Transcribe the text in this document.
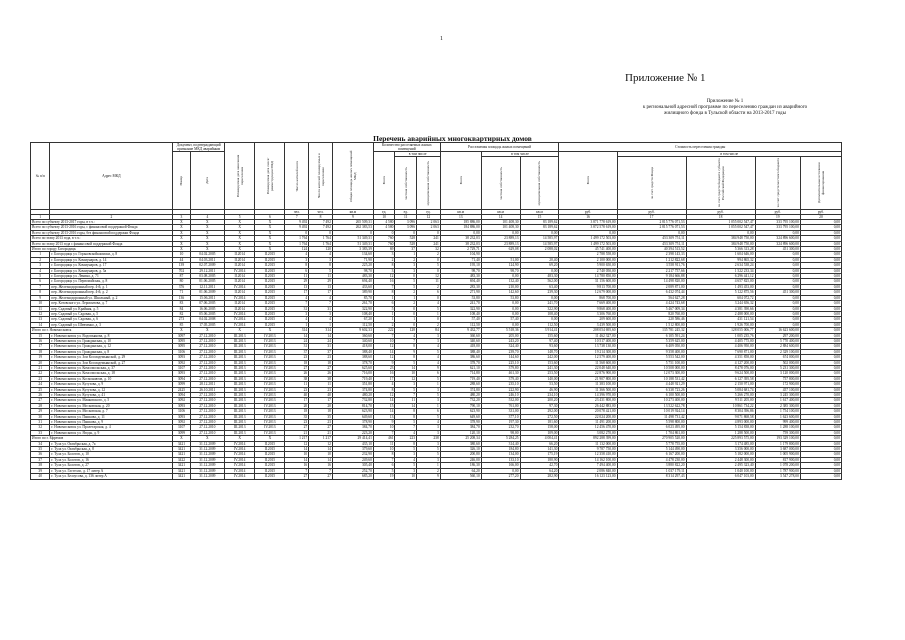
1
Приложение № 1
Приложение № 1
к региональной адресной программе по переселению граждан из аварийного
жилищного фонда в Тульской области на 2013-2017 годы
Перечень аварийных многоквартирных домов
№ п/п	Адрес МКД	Документ, подтверждающий признание МКД аварийным		Планируемая дата окончания переселения	Планируемая дата сноса/ реконструкции МКД	Число жителей всего	Число жителей планируемых к переселению	Общая площадь жилых помещений МКД	Количество расселяемых жилых помещений			Расселяемая площадь жилых помещений			Стоимость переселения граждан				

		Номер	Дата						Всего	в том числе		Всего	в том числе		Всего	в том числе			

										частная собственность	муниципальная собственность		частная собственность	муниципальная собственность		за счет средств Фонда	за счет средств бюджета субъекта Российской Федерации	за счет средств местного бюджета	Дополнительные источники финансирования

						чел.	чел.	кв.м	ед.	ед.	ед.	кв.м	кв.м	кв.м	руб.	руб.	руб.	руб.	руб.
1	2	3	4	5	6	7	8	9	10	11	12	13	14	15	16	17	18	19	20
Всего по субъекту 2013-2017 годы, в т.ч.:		X	X	X	X	9 492	7 492	265 509,31	4 580	3 096	2 063	185 886,00	101 408,30	83 189,62	3 871 778 619,00	2 815 776 071,53	1 055 002 547,47	333 795 100,00	0,00
Всего по субъекту 2013-2016 годы, с финансовой поддержкой Фонда		X	X	X	X	9 492	7 492	262 383,53	4 580	3 096	2 063	184 886,00	101 408,30	83 189,62	3 872 578 619,00	2 815 776 071,53	1 055 002 547,47	333 795 100,00	0,00
Всего по субъекту 2013-2016 годы, без финансовой поддержки Фонда		X	X	X	X	0	0	0	0	0	0	0,00	0,00	0,00	0,00	0,00	0,00	0,00	0,00
Всего по этапу 2013 года, в т.ч.:		X	X	X	X	1 764	1 764	51 349,31	760	528	241	38 232,03	23 889,13	14 585,97	1 499 172 503,00	453 309 751,11	384 948 750,00	324 896 600,00	0,00
Всего по этапу 2013 года с финансовой поддержкой Фонда		X	X	X	X	1 764	1 764	51 349,31	760	528	241	38 232,03	23 889,13	14 585,97	1 499 172 503,00	453 309 751,11	384 948 750,00	324 896 600,00	0,00
Итого по городу Богородицк		X	X	X	X	124	120	3 383,39	69	37	32	2 729,71	629,08	2 088,02	45 741 400,00	40 394 513,52	5 366 313,28	451 300,00	0,00
1	г. Богородицк ул. Горьковскойкамиски, д. 8	10	04.02.2005	II.2014	II.2015	4	4	134,60	3	1	2	104,90			2 788 558,00	2 398 143,33	1 604 646,00	0,00	0,00
2	г. Богородицк ул. Коммунаров, д. 14	44	04.03.2011	II.2014	II.2015	3	3	71,90	2	2	0	71,40	51,00	20,40	2 100 000,00	1 212 822,68	994 865,32	0,00	0,00
3	г. Богородицк ул. Коммунаров, д. 17	139	02.07.2009	II.2014	II.2015	8	8	225,20	8	3	5	195,10	124,90	69,20	5 900 650,00	3 558 911,76	2 634 538,24	0,00	0,00
4	г. Богородицк ул. Коммунаров, д. 5а	702	29.12.2011	IV.2014	II.2015	6	5	98,70	3	3	0	98,70	98,70	0,00	2 740 050,00	2 217 757,66	1 522 233,34	0,00	0,00
5	г. Богородицк ул. Ленина, д. 71	87	03.08.2005	II.2014	II.2015	11	11	483,30	12	0	12	483,30	0,00	483,30	14 780 850,00	9 184 666,88	6 296 441,12	0,00	0,00
6	г. Богородицк ул. Первомайская, д. 8	80	01.06.2005	II.2014	II.2015	29	29	694,40	16	5	11	694,40	132,40	562,00	31 156 600,00	14 498 820,00	4 657 825,00	0,00	0,00
7	пер. Железнодорожный пер. 4-й, д. 1	376	12.11.2011	IV.2014	II.2015	13	13	433,60	7	5	2	283,30	210,00	63,40	9 813 700,00	2 089 871,00	1 493 453,00	0,00	0,00
8	пер. Железнодорожный пер. 4-й, д. 2	71	01.06.2009	II.2014	II.2015	17	17	389,90	8	2	6	271,90	142,60	239,30	12 679 000,00	6 432 074,44	5 122 875,56	451 300,00	0,00
9	пер. Железнодорожный ул. Школьный, д. 2	136	15.06.2011	IV.2014	II.2015	4	4	85,70	1	1	0	53,80	53,80	0,00	868 700,00	564 627,28	604 072,72	0,00	0,00
10	пер. Котовского ул. Лермонтова, д. 7	83	07.06.2005	II.2014	II.2015	7	7	261,70	6	2	4	241,70	0,00	241,70	7 669 400,00	4 424 743,68	3 244 656,32	0,00	0,00
11	пер. Садовый ул. Крайняя, д. 5	84	16.06.2005	II.2014	II.2015	31	31	322,90	5	0	5	322,90	0,00	322,90	9 868 400,00	5 467 009,34	4 381 390,66	0,00	0,00
12	пер. Садовый ул. Садовая, д. 5	82	05.06.2005	IV.2014	II.2015	3	3	108,40	1	0	1	108,40	0,00	108,40	3 306 760,00	820 760,00	2 488 000,00	0,00	0,00
13	пер. Садовый ул. Садовая, д. 6	273	04.02.2008	IV.2014	II.2015	4	4	67,20	1	1	0	57,40	57,40	0,00	209 600,00	220 586,46	431 121,54	0,00	0,00
14	пер. Садовый ул. Шевченко, д. 3	85	17.05.2005	IV.2014	II.2015	1	1	112,50	2	0	2	112,50	0,00	112,50	3 439 500,00	1 512 800,00	1 926 700,00	0,00	0,00
Итого по г. Новомосковск		X	X	X	X	314	314	9 602,33	222	128	84	9 432,77	5 518,36	3 914,41	208 054 695,60	135 781 245,32	128 055 006,77	16 623 600,00	0,00
15	г. Новомосковск ул. Водопьянова, д. 8	3097	27.12.2010	III.2013	IV.2013	14	14	360,60	7	4	3	360,60	205,00	155,60	11 462 327,00	6 105 591,24	1 005 235,76	297 200,00	0,00
16	г. Новомосковск ул. Гражданская, д. 10	3095	27.12.2010	III.2013	IV.2013	24	24	340,60	10	7	3	340,60	243,20	97,40	10 517 400,00	5 359 625,00	4 405 775,00	5 770 400,00	0,00
17	г. Новомосковск ул. Гражданская, д. 12	3095	27.12.2010	III.2013	IV.2013	31	31	418,00	12	8	4	418,00	324,40	93,60	13 738 130,00	6 409 050,00	4 406 950,00	2 884 600,00	0,00
18	г. Новомосковск ул. Гражданская, д. 8	3106	27.12.2010	III.2013	IV.2013	37	37	388,40	14	9	5	388,40	239,70	148,70	19 214 300,00	9 358 400,00	7 690 871,00	2 329 100,00	0,00
19	г. Новомосковск ул. Зои Космодемьянской, д. 29	3093	27.12.2010	III.2013	IV.2013	23	23	388,60	12	8	4	386,60	144,60	242,00	12 579 400,00	5 553 542,00	4 351 858,00	674 000,00	0,00
20	г. Новомосковск ул. Зои Космодемьянской, д. 27	3092	27.12.2010	III.2013	IV.2013	18	18	378,70	9	5	4	378,70	225,10	153,60	11 568 600,00	5 751 100,00	4 127 200,00	502 000,00	0,00
21	г. Новомосковск ул. Комсомольская, д. 37	3107	27.12.2010	III.2013	IV.2013	27	27	625,60	23	14	9	621,10	379,80	241,30	22 048 640,00	10 508 000,00	8 478 076,00	5 231 300,00	0,00
22	г. Новомосковск ул. Комсомольская, д. 18	3093	27.12.2010	III.2013	IV.2013	26	26	716,00	16	10	6	714,80	461,30	253,50	22 876 900,00	12 073 300,00	9 624 500,00	3 120 000,00	0,00
23	г. Новомосковск ул. Космонавтов, д. 10	3094	27.12.2010	III.2013	IV.2013	38	38	719,40	17	12	5	719,40	379,40	140,00	21 907 800,00	10 188 531,42	6 127 395,58	757 800,00	0,00
24	г. Новомосковск ул. Кутузова, д. 9	3099	28.12.2011	III.2013	IV.2013	11	11	351,80	4	3	1	288,60	235,10	53,50	11 383 100,00	4 448 921,29	2 150 971,00	172 900,00	0,00
25	г. Новомосковск ул. Кутузова, д. 12	2425	26.10.2011	III.2013	IV.2013	23	23	374,80	8	5	3	374,80	222,90	46,90	11 366 500,00	6 338 723,26	5 084 681,74	457 100,00	0,00
26	г. Новомосковск ул. Кутузова, д. 41	3094	27.12.2010	III.2013	IV.2013	40	40	480,20	12	7	5	480,20	246,10	234,10	14 396 970,00	6 100 500,00	5 266 270,00	3 245 300,00	0,00
27	г. Новомосковск ул. Маяковского, д. 5	3092	27.12.2010	III.2013	IV.2013	17	17	732,80	14	11	3	732,20	532,00	200,20	23 431 800,00	10 273 400,00	9 511 205,00	1 617 400,00	0,00
28	г. Новомосковск ул. Московская, д. 20	3093	27.12.2010	III.2013	IV.2013	20	20	814,70	15	14	1	790,10	761,00	97,30	26 442 883,00	13 522 622,78	10 861 734,22	2 385 300,00	0,00
29	г. Новомосковск ул. Московская, д. 7	3106	27.12.2010	III.2013	IV.2013	18	18	623,90	14	8	6	623,90	331,00	292,00	20 078 421,00	10 019 924,14	8 304 396,86	1 754 100,00	0,00
30	г. Новомосковск ул. Пашкова, д. 11	3093	27.12.2010	III.2013	IV.2013	35	35	649,60	13	8	5	649,60	377,10	272,50	22 024 200,00	11 498 731,42	9 071 868,58	1 623 600,00	0,00
31	г. Новомосковск ул. Пашкова, д. 9	3092	27.12.2010	III.2013	IV.2013	23	23	378,90	9	5	4	378,90	197,30	181,60	11 491 200,00	5 598 800,00	4 893 000,00	999 400,00	0,00
32	г. Новомосковск ул. Пролетарская, д. 4	3107	27.12.2010	III.2013	IV.2013	27	27	384,70	10	7	3	384,70	232,70	158,00	12 456 470,00	6 023 495,00	5 154 838,00	1 288 100,00	0,00
33	г. Новомосковск ул. Ягоды, д. 9	3099	27.12.2010	III.2013	IV.2013	21	21	223,20	7	4	3	120,10	98,00	109,00	3 082 270,00	1 704 861,00	1 288 500,00	759 300,00	0,00
Итого по г. Ефремов		X	X	X	X	1 217	1 217	29 414,41	461	223	238	25 208,34	5 284,25	4 004,41	892 288 399,00	270 905 520,00	225 893 575,00	193 329 100,00	0,00
34	г. Тула ул. Октябрьская, д. 7а	3421	31.12.2009	IV.2014	II.2015	12	12	435,10	11	8	3	380,60	314,40	66,20	11 132 000,00	5 778 755,00	3 174 485,00	1 179 800,00	0,00
35	г. Тула ул. Октябрьская, д. 8	3421	31.12.2009	IV.2014	II.2015	14	14	379,60	10	5	5	326,10	184,80	141,30	9 787 750,00	5 144 490,00	3 356 000,00	3 687 000,00	0,00
36	г. Тула ул. Болотов, д. 10	3421	31.12.2009	IV.2014	II.2015	10	10	232,90	8	3	5	200,80	134,00	175,19	12 358 410,00	6 167 200,00	5 182 000,00	1 005 900,00	0,00
37	г. Тула ул. Болотов, д. 16	3422	31.12.2009	IV.2014	II.2015	14	14	249,60	7	4	3	246,00	133,10	180,90	14 162 100,00	4 478 230,00	2 448 300,00	817 900,00	0,00
38	г. Тула ул. Болотов, д. 27	3421	31.12.2009	IV.2014	II.2015	16	16	305,40	6	5	1	186,30	166,00	42,70	7 494 400,00	3 880 822,20	2 495 323,40	1 078 200,00	0,00
39	г. Тула ул. Гастелло, д. 17 литер А	3421	31.12.2009	IV.2014	II.2015	7	7	252,70	5	3	2	64,20	0,00	64,20	2 086 840,00	1 037 179,11	1 040 100,00	1 787 900,00	0,00
40	г. Тула ул. Белоусова, д. 136 литер А	3421	31.12.2009	IV.2014	II.2015	27	27	685,20	19	10	9	560,10	277,20	282,90	16 123 123,00	8 314 297,43	6 047 103,00	3 547 278,00	0,00
